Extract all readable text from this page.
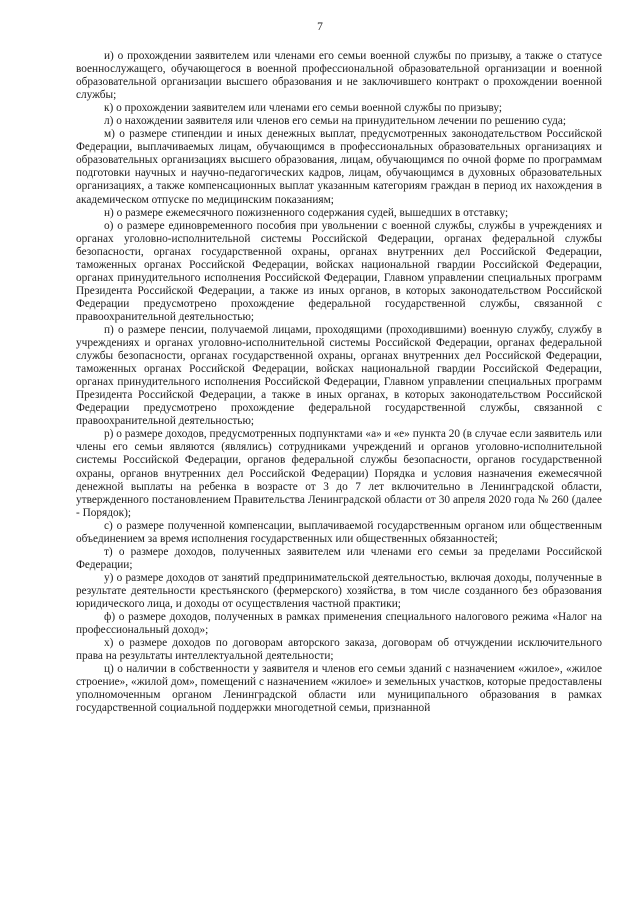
7

и) о прохождении заявителем или членами его семьи военной службы по призыву, а также о статусе военнослужащего, обучающегося в военной профессиональной образовательной организации и военной образовательной организации высшего образования и не заключившего контракт о прохождении военной службы;

к) о прохождении заявителем или членами его семьи военной службы по призыву;

л) о нахождении заявителя или членов его семьи на принудительном лечении по решению суда;

м) о размере стипендии и иных денежных выплат, предусмотренных законодательством Российской Федерации, выплачиваемых лицам, обучающимся в профессиональных образовательных организациях и образовательных организациях высшего образования, лицам, обучающимся по очной форме по программам подготовки научных и научно-педагогических кадров, лицам, обучающимся в духовных образовательных организациях, а также компенсационных выплат указанным категориям граждан в период их нахождения в академическом отпуске по медицинским показаниям;

н) о размере ежемесячного пожизненного содержания судей, вышедших в отставку;

о) о размере единовременного пособия при увольнении с военной службы, службы в учреждениях и органах уголовно-исполнительной системы Российской Федерации, органах федеральной службы безопасности, органах государственной охраны, органах внутренних дел Российской Федерации, таможенных органах Российской Федерации, войсках национальной гвардии Российской Федерации, органах принудительного исполнения Российской Федерации, Главном управлении специальных программ Президента Российской Федерации, а также из иных органов, в которых законодательством Российской Федерации предусмотрено прохождение федеральной государственной службы, связанной с правоохранительной деятельностью;

п) о размере пенсии, получаемой лицами, проходящими (проходившими) военную службу, службу в учреждениях и органах уголовно-исполнительной системы Российской Федерации, органах федеральной службы безопасности, органах государственной охраны, органах внутренних дел Российской Федерации, таможенных органах Российской Федерации, войсках национальной гвардии Российской Федерации, органах принудительного исполнения Российской Федерации, Главном управлении специальных программ Президента Российской Федерации, а также в иных органах, в которых законодательством Российской Федерации предусмотрено прохождение федеральной государственной службы, связанной с правоохранительной деятельностью;

р) о размере доходов, предусмотренных подпунктами «а» и «е» пункта 20 (в случае если заявитель или члены его семьи являются (являлись) сотрудниками учреждений и органов уголовно-исполнительной системы Российской Федерации, органов федеральной службы безопасности, органов государственной охраны, органов внутренних дел Российской Федерации) Порядка и условия назначения ежемесячной денежной выплаты на ребенка в возрасте от 3 до 7 лет включительно в Ленинградской области, утвержденного постановлением Правительства Ленинградской области от 30 апреля 2020 года № 260 (далее - Порядок);

с) о размере полученной компенсации, выплачиваемой государственным органом или общественным объединением за время исполнения государственных или общественных обязанностей;

т) о размере доходов, полученных заявителем или членами его семьи за пределами Российской Федерации;

у) о размере доходов от занятий предпринимательской деятельностью, включая доходы, полученные в результате деятельности крестьянского (фермерского) хозяйства, в том числе созданного без образования юридического лица, и доходы от осуществления частной практики;

ф) о размере доходов, полученных в рамках применения специального налогового режима «Налог на профессиональный доход»;

х) о размере доходов по договорам авторского заказа, договорам об отчуждении исключительного права на результаты интеллектуальной деятельности;

ц) о наличии в собственности у заявителя и членов его семьи зданий с назначением «жилое», «жилое строение», «жилой дом», помещений с назначением «жилое» и земельных участков, которые предоставлены уполномоченным органом Ленинградской области или муниципального образования в рамках государственной социальной поддержки многодетной семьи, признанной
